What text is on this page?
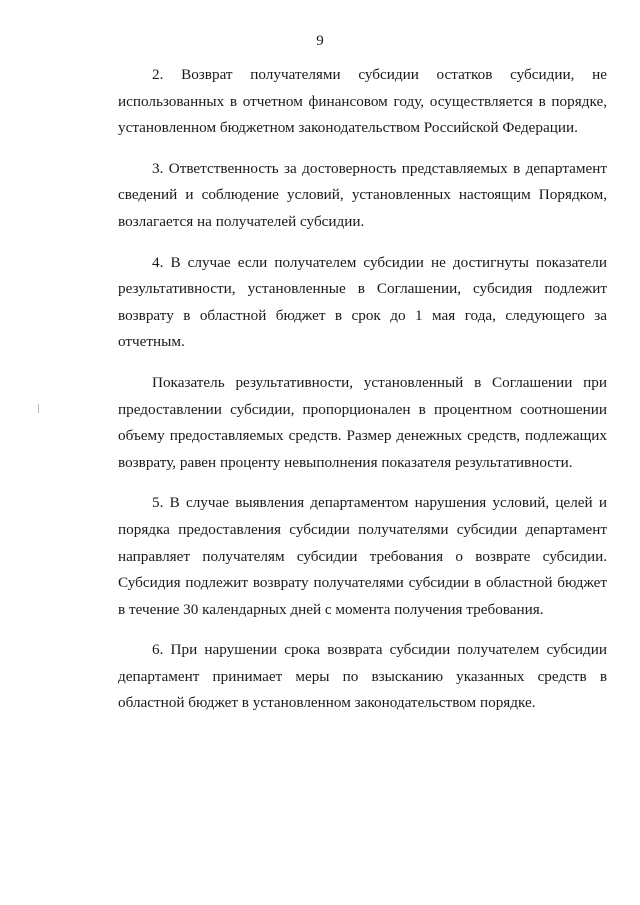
9

2. Возврат получателями субсидии остатков субсидии, не использованных в отчетном финансовом году, осуществляется в порядке, установленном бюджетном законодательством Российской Федерации.

3. Ответственность за достоверность представляемых в департамент сведений и соблюдение условий, установленных настоящим Порядком, возлагается на получателей субсидии.

4. В случае если получателем субсидии не достигнуты показатели результативности, установленные в Соглашении, субсидия подлежит возврату в областной бюджет в срок до 1 мая года, следующего за отчетным.

Показатель результативности, установленный в Соглашении при предоставлении субсидии, пропорционален в процентном соотношении объему предоставляемых средств. Размер денежных средств, подлежащих возврату, равен проценту невыполнения показателя результативности.

5. В случае выявления департаментом нарушения условий, целей и порядка предоставления субсидии получателями субсидии департамент направляет получателям субсидии требования о возврате субсидии. Субсидия подлежит возврату получателями субсидии в областной бюджет в течение 30 календарных дней с момента получения требования.

6. При нарушении срока возврата субсидии получателем субсидии департамент принимает меры по взысканию указанных средств в областной бюджет в установленном законодательством порядке.
